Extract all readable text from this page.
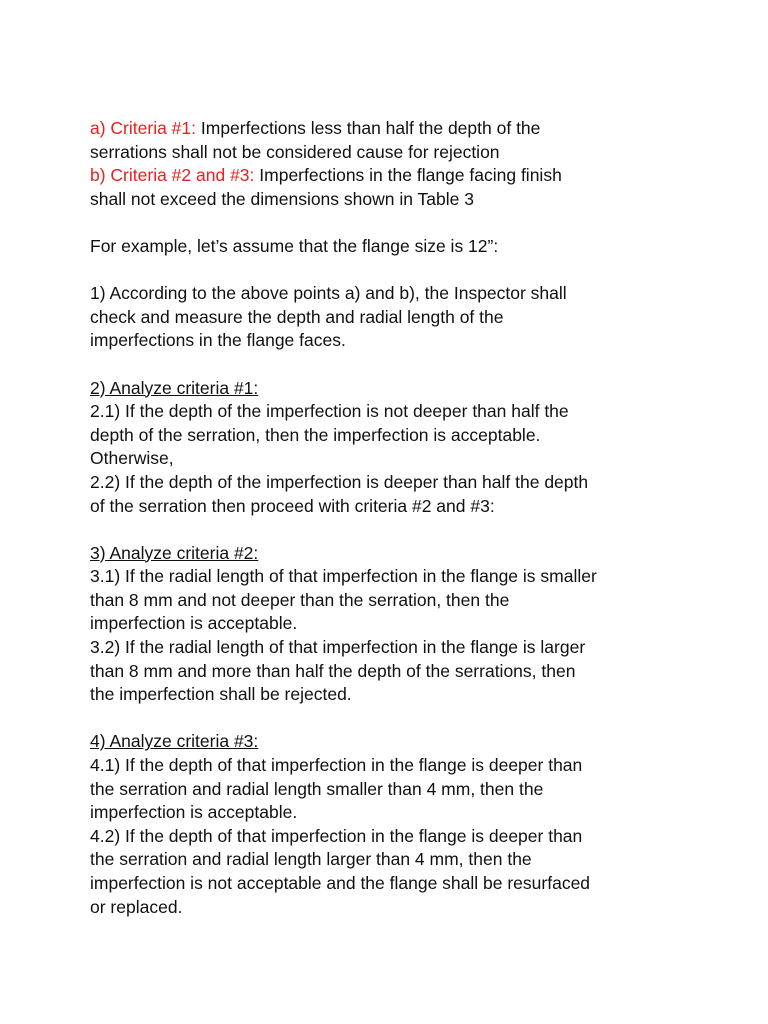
a) Criteria #1: Imperfections less than half the depth of the
serrations shall not be considered cause for rejection
b) Criteria #2 and #3: Imperfections in the flange facing finish
shall not exceed the dimensions shown in Table 3
For example, let’s assume that the flange size is 12”:
1) According to the above points a) and b), the Inspector shall
check and measure the depth and radial length of the
imperfections in the flange faces.
2) Analyze criteria #1:
2.1) If the depth of the imperfection is not deeper than half the
depth of the serration, then the imperfection is acceptable.
Otherwise,
2.2) If the depth of the imperfection is deeper than half the depth
of the serration then proceed with criteria #2 and #3:
3) Analyze criteria #2:
3.1) If the radial length of that imperfection in the flange is smaller
than 8 mm and not deeper than the serration, then the
imperfection is acceptable.
3.2) If the radial length of that imperfection in the flange is larger
than 8 mm and more than half the depth of the serrations, then
the imperfection shall be rejected.
4) Analyze criteria #3:
4.1) If the depth of that imperfection in the flange is deeper than
the serration and radial length smaller than 4 mm, then the
imperfection is acceptable.
4.2) If the depth of that imperfection in the flange is deeper than
the serration and radial length larger than 4 mm, then the
imperfection is not acceptable and the flange shall be resurfaced
or replaced.
